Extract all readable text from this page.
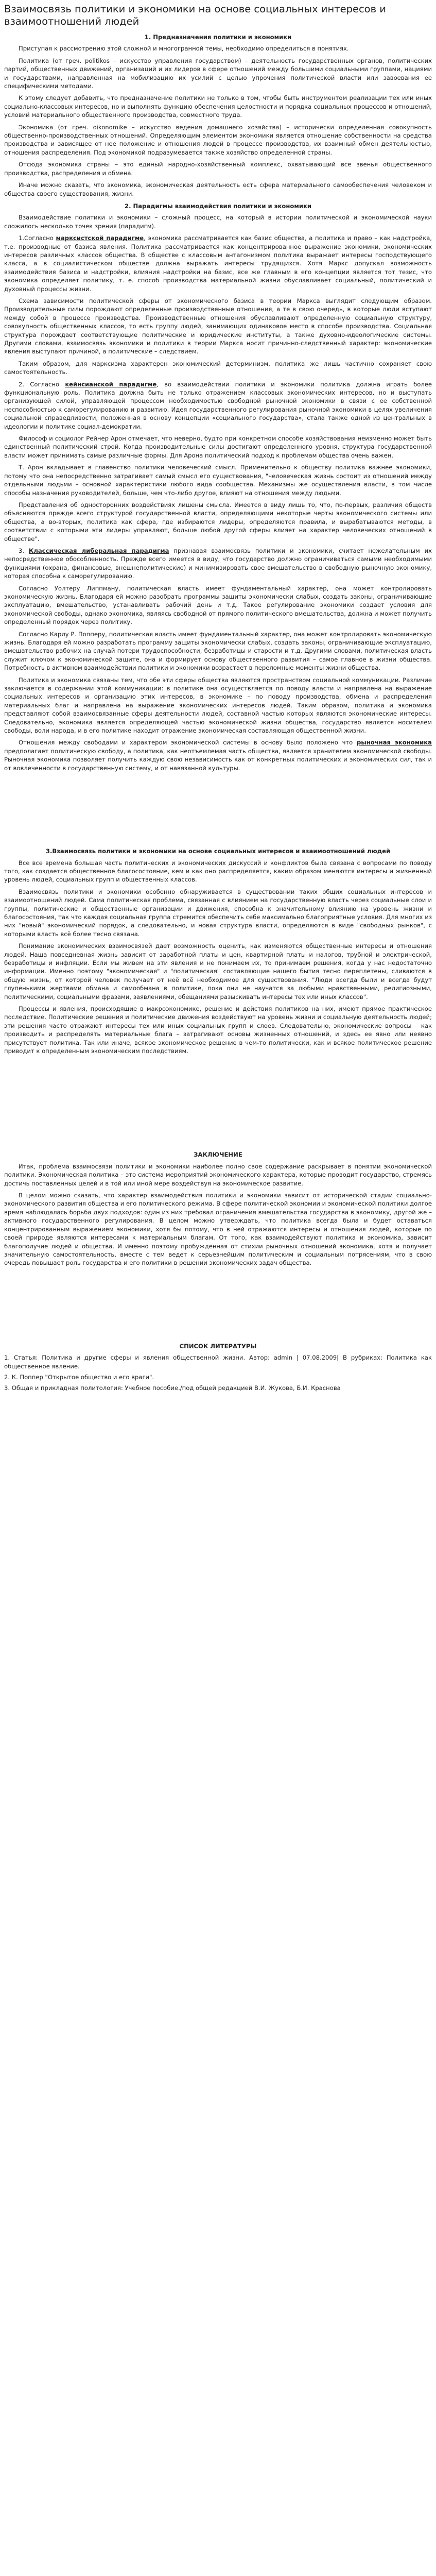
Взаимосвязь политики и экономики на основе социальных интересов и взаимоотношений людей
1. Предназначения политики и экономики

Приступая к рассмотрению этой сложной и многогранной темы, необходимо определиться в понятиях.

Политика (от греч. politikos – искусство управления государством) – деятельность государственных органов, политических партий, общественных движений, организаций и их лидеров в сфере отношений между большими социальными группами, нациями и государствами, направленная на мобилизацию их усилий с целью упрочения политической власти или завоевания ее специфическими методами.

К этому следует добавить, что предназначение политики не только в том, чтобы быть инструментом реализации тех или иных социально-классовых интересов, но и выполнять функцию обеспечения целостности и порядка социальных процессов и отношений, условий материального общественного производства, совместного труда.

Экономика (от греч. oikonomike – искусство ведения домашнего хозяйства) – исторически определенная совокупность общественно-производственных отношений. Определяющим элементом экономики является отношение собственности на средства производства и зависящее от нее положение и отношения людей в процессе производства, их взаимный обмен деятельностью, отношения распределения. Под экономикой подразумевается также хозяйство определенной страны.

Отсюда экономика страны – это единый народно-хозяйственный комплекс, охватывающий все звенья общественного производства, распределения и обмена.

Иначе можно сказать, что экономика, экономическая деятельность есть сфера материального самообеспечения человеком и общества своего существования, жизни.

2. Парадигмы взаимодействия политики и экономики

Взаимодействие политики и экономики – сложный процесс, на который в истории политической и экономической науки сложилось несколько точек зрения (парадигм).

1.Согласно марксистской парадигме, экономика рассматривается как базис общества, а политика и право – как надстройка, т.е. производные от базиса явления. Политика рассматривается как концентрированное выражение экономики, экономических интересов различных классов общества. В обществе с классовым антагонизмом политика выражает интересы господствующего класса, а в социалистическом обществе должна выражать интересы трудящихся. Хотя Маркс допускал возможность взаимодействия базиса и надстройки, влияния надстройки на базис, все же главным в его концепции является тот тезис, что экономика определяет политику, т. е. способ производства материальной жизни обуславливает социальный, политический и духовный процессы жизни.

Схема зависимости политической сферы от экономического базиса в теории Маркса выглядит следующим образом. Производительные силы порождают определенные производственные отношения, а те в свою очередь, в которые люди вступают между собой в процессе производства. Производственные отношения обуславливают определенную социальную структуру, совокупность общественных классов, то есть группу людей, занимающих одинаковое место в способе производства. Социальная структура порождает соответствующие политические и юридические институты, а также духовно-идеологические системы. Другими словами, взаимосвязь экономики и политики в теории Маркса носит причинно-следственный характер: экономические явления выступают причиной, а политические – следствием.

Таким образом, для марксизма характерен экономический детерминизм, политика же лишь частично сохраняет свою самостоятельность.

2. Согласно кейнсианской парадигме, во взаимодействии политики и экономики политика должна играть более функциональную роль. Политика должна быть не только отражением классовых экономических интересов, но и выступать организующей силой, управляющей процессом необходимостью свободной рыночной экономики в связи с ее собственной неспособностью к саморегулированию и развитию. Идея государственного регулирования рыночной экономики в целях увеличения социальной справедливости, положенная в основу концепции «социального государства», стала также одной из центральных в идеологии и политике социал-демократии.

Философ и социолог Рейнер Арон отмечает, что неверно, будто при конкретном способе хозяйствования неизменно может быть единственный политический строй. Когда производительные силы достигают определенного уровня, структура государственной власти может принимать самые различные формы. Для Арона политический подход к проблемам общества очень важен.

Т. Арон вкладывает в главенство политики человеческий смысл. Применительно к обществу политика важнее экономики, потому что она непосредственно затрагивает самый смысл его существования, "человеческая жизнь состоит из отношений между отдельными людьми – основной характеристики любого вида сообщества. Механизмы же осуществления власти, в том числе способы назначения руководителей, больше, чем что-либо другое, влияют на отношения между людьми.

Представления об односторонних воздействиях лишены смысла. Имеется в виду лишь то, что, по-первых, различия обществ объясняются прежде всего структурой государственной власти, определяющими некоторые черты экономического системы или общества, а во-вторых, политика как сфера, где избираются лидеры, определяются правила, и вырабатываются методы, в соответствии с которыми эти лидеры управляют, больше любой другой сферы влияет на характер человеческих отношений в обществе".

3. Классическая либеральная парадигма признавая взаимосвязь политики и экономики, считает нежелательным их непосредственное обособленность. Прежде всего имеется в виду, что государство должно ограничиваться самыми необходимыми функциями (охрана, финансовые, внешнеполитические) и минимизировать свое вмешательство в свободную рыночную экономику, которая способна к саморегулированию.

Согласно Уолтеру Липпману, политическая власть имеет фундаментальный характер, она может контролировать экономическую жизнь. Благодаря ей можно разобрать программы защиты экономически слабых, создать законы, ограничивающие эксплуатацию, вмешательство, устанавливать рабочий день и т.д. Такое регулирование экономики создает условия для экономической свободы, однако экономика, являясь свободной от прямого политического вмешательства, должна и может получить определенный порядок через политику.

Согласно Карлу Р. Попперу, политическая власть имеет фундаментальный характер, она может контролировать экономическую жизнь. Благодаря ей можно разработать программу защиты экономически слабых, создать законы, ограничивающие эксплуатацию, вмешательство рабочих на случай потери трудоспособности, безработицы и старости и т.д. Другими словами, политическая власть служит ключом к экономической защите, она и формирует основу общественного развития – самое главное в жизни общества. Потребность в активном взаимодействии политики и экономики возрастает в переломные моменты жизни общества.

Политика и экономика связаны тем, что обе эти сферы общества являются пространством социальной коммуникации. Различие заключается в содержании этой коммуникации: в политике она осуществляется по поводу власти и направлена на выражение социальных интересов и организацию этих интересов, в экономике – по поводу производства, обмена и распределения материальных благ и направлена на выражение экономических интересов людей. Таким образом, политика и экономика представляют собой взаимосвязанные сферы деятельности людей, составной частью которых являются экономические интересы. Следовательно, экономика является определяющей частью экономической жизни общества, государство является носителем свободы, воли народа, и в его политике находит отражение экономическая составляющая общественной жизни.

Отношения между свободами и характером экономической системы в основу было положено что рыночная экономика предполагает политическую свободу, а политика, как неотъемлемая часть общества, является хранителем экономической свободы. Рыночная экономика позволяет получить каждую свою независимость как от конкретных политических и экономических сил, так и от вовлеченности в государственную систему, и от навязанной культуры.

3.Взаимосвязь политики и экономики на основе социальных интересов и взаимоотношений людей

Все все времена большая часть политических и экономических дискуссий и конфликтов была связана с вопросами по поводу того, как создается общественное благосостояние, кем и как оно распределяется, каким образом меняются интересы и жизненный уровень людей, социальных групп и общественных классов.

Взаимосвязь политики и экономики особенно обнаруживается в существовании таких общих социальных интересов и взаимоотношений людей. Сама политическая проблема, связанная с влиянием на государственную власть через социальные слои и группы, политические и общественные организации и движения, способна к значительному влиянию на уровень жизни и благосостояния, так что каждая социальная группа стремится обеспечить себе максимально благоприятные условия. Для многих из них "новый" экономический порядок, а следовательно, и новая структура власти, определяются в виде "свободных рынков", с которыми власть всё более тесно связана.

Понимание экономических взаимосвязей дает возможность оценить, как изменяются общественные интересы и отношения людей. Наша повседневная жизнь зависит от заработной платы и цен, квартирной платы и налогов, трубной и электрической, безработицы и инфляции. Если мы живем на эти явления и не понимаем их, то принимаем решения, когда у нас недостаточно информации. Именно поэтому "экономическая" и "политическая" составляющие нашего бытия тесно переплетены, сливаются в общую жизнь, от которой человек получает от неё всё необходимое для существования. "Люди всегда были и всегда будут глупенькими жертвами обмана и самообмана в политике, пока они не научатся за любыми нравственными, религиозными, политическими, социальными фразами, заявлениями, обещаниями разыскивать интересы тех или иных классов".

Процессы и явления, происходящие в макроэкономике, решение и действия политиков на них, имеют прямое практическое последствие. Политические решения и политические движения воздействуют на уровень жизни и социальную деятельность людей; эти решения часто отражают интересы тех или иных социальных групп и слоев. Следовательно, экономические вопросы – как производить и распределять материальные блага – затрагивают основы жизненных отношений, и здесь ее явно или неявно присутствует политика. Так или иначе, всякое экономическое решение в чем-то политически, как и всякое политическое решение приводит к определенным экономическим последствиям.

ЗАКЛЮЧЕНИЕ

Итак, проблема взаимосвязи политики и экономики наиболее полно свое содержание раскрывает в понятии экономической политики. Экономическая политика – это система мероприятий экономического характера, которые проводит государство, стремясь достичь поставленных целей и в той или иной мере воздействуя на экономическое развитие.

В целом можно сказать, что характер взаимодействия политики и экономики зависит от исторической стадии социально-экономического развития общества и его политического режима. В сфере политической экономии и экономической политики долгое время наблюдалась борьба двух подходов: один из них требовал ограничения вмешательства государства в экономику, другой же – активного государственного регулирования. В целом можно утверждать, что политика всегда была и будет оставаться концентрированным выражением экономики, хотя бы потому, что в ней отражаются интересы и отношения людей, которые по своей природе являются интересами к материальным благам. От того, как взаимодействуют политика и экономика, зависит благополучие людей и общества. И именно поэтому пробужденная от стихии рыночных отношений экономика, хотя и получает значительную самостоятельность, вместе с тем ведет к серьезнейшим политическим и социальным потрясениям, что в свою очередь повышает роль государства и его политики в решении экономических задач общества.

СПИСОК ЛИТЕРАТУРЫ

1. Статья: Политика и другие сферы и явления общественной жизни. Автор: admin | 07.08.2009| В рубриках: Политика как общественное явление.

2. К. Поппер "Открытое общество и его враги".

3. Общая и прикладная политология: Учебное пособие./под общей редакцией В.И. Жукова, Б.И. Краснова
